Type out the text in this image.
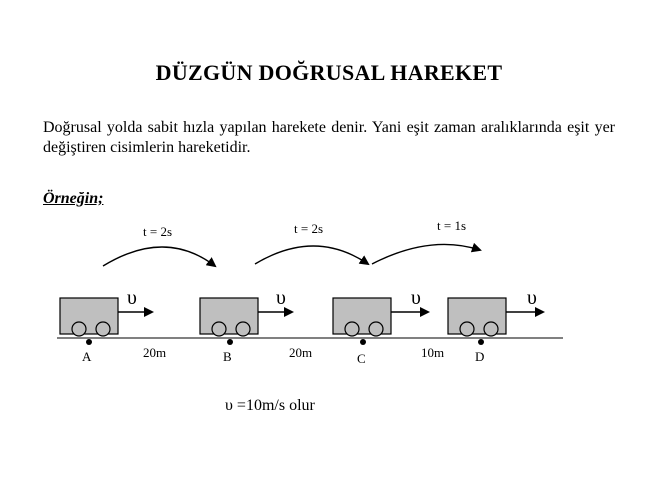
DÜZGÜN DOĞRUSAL HAREKET
Doğrusal yolda sabit hızla yapılan harekete denir. Yani eşit zaman aralıklarında eşit yer değiştiren cisimlerin hareketidir.
Örneğin;
t = 2s	t = 2s	t = 1s
υ	υ	υ	υ
A	B	C	D
20m	20m	10m
υ =10m/s olur
